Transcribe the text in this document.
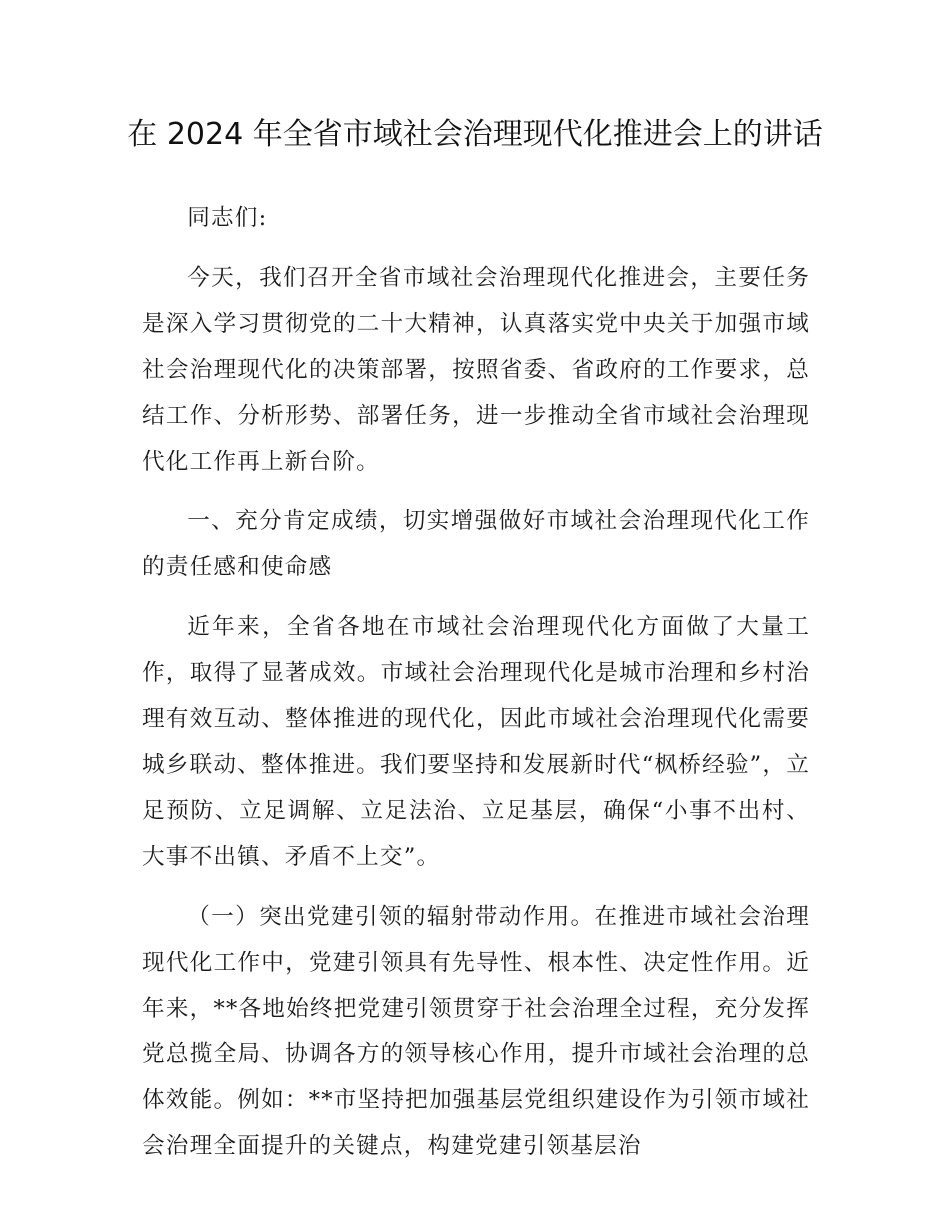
在 2024 年全省市域社会治理现代化推进会上的讲话

同志们:

今天，我们召开全省市域社会治理现代化推进会，主要任务是深入学习贯彻党的二十大精神，认真落实党中央关于加强市域社会治理现代化的决策部署，按照省委、省政府的工作要求，总结工作、分析形势、部署任务，进一步推动全省市域社会治理现代化工作再上新台阶。

一、充分肯定成绩，切实增强做好市域社会治理现代化工作的责任感和使命感

近年来，全省各地在市域社会治理现代化方面做了大量工作，取得了显著成效。市域社会治理现代化是城市治理和乡村治理有效互动、整体推进的现代化，因此市域社会治理现代化需要城乡联动、整体推进。我们要坚持和发展新时代“枫桥经验”，立足预防、立足调解、立足法治、立足基层，确保“小事不出村、大事不出镇、矛盾不上交”。

（一）突出党建引领的辐射带动作用。在推进市域社会治理现代化工作中，党建引领具有先导性、根本性、决定性作用。近年来，**各地始终把党建引领贯穿于社会治理全过程，充分发挥党总揽全局、协调各方的领导核心作用，提升市域社会治理的总体效能。例如：**市坚持把加强基层党组织建设作为引领市域社会治理全面提升的关键点，构建党建引领基层治
